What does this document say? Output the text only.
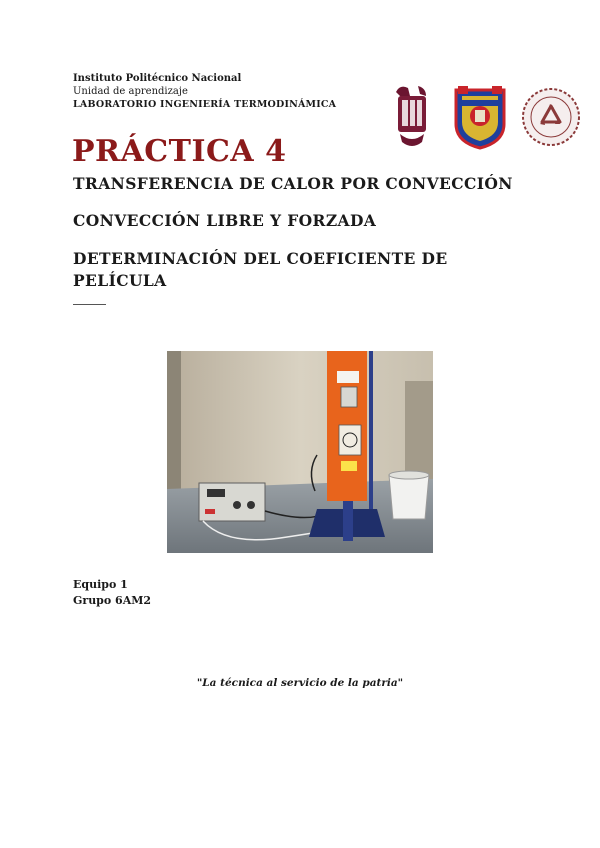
Instituto Politécnico Nacional
Unidad de aprendizaje
LABORATORIO INGENIERÍA TERMODINÁMICA
PRÁCTICA 4
TRANSFERENCIA DE CALOR POR CONVECCIÓN
CONVECCIÓN LIBRE Y FORZADA
DETERMINACIÓN DEL COEFICIENTE DE PELÍCULA
Equipo 1
Grupo 6AM2
"La técnica al servicio de la patria"
